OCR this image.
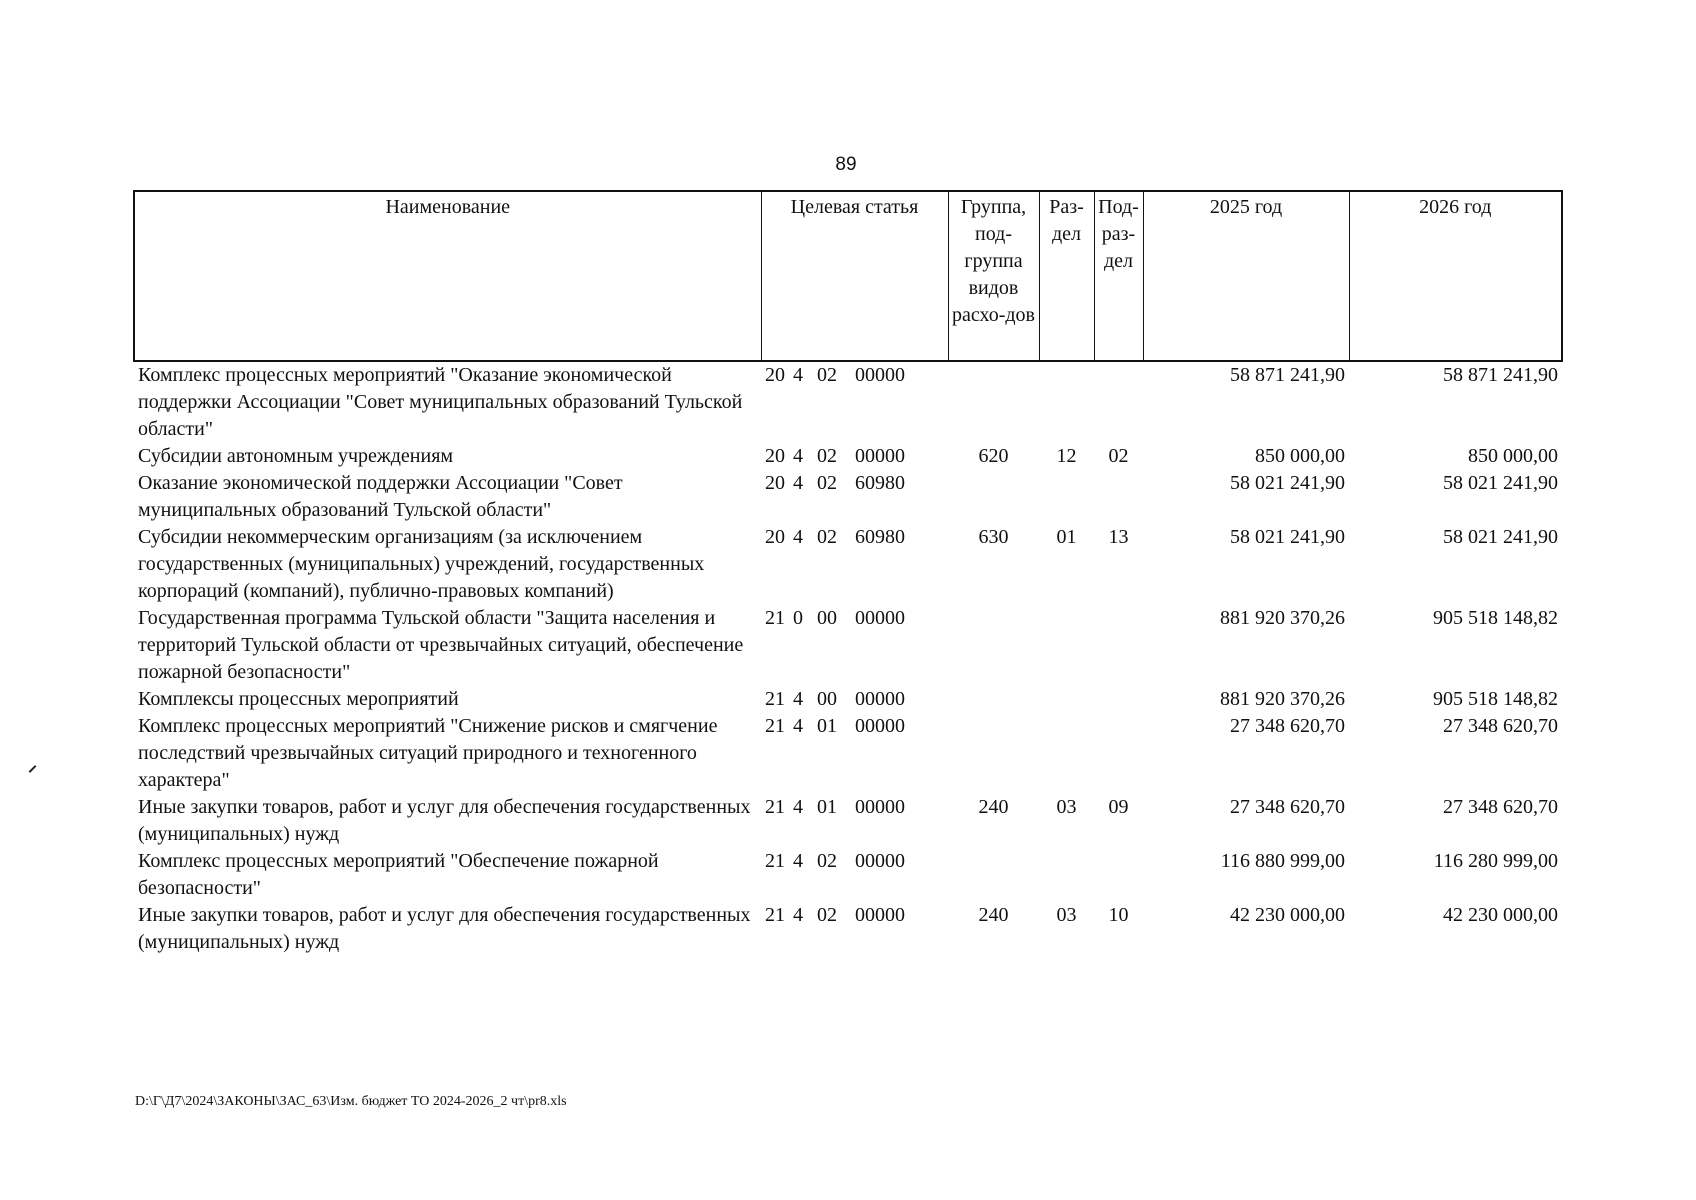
89
Наименование	Целевая статья	Группа, под-группа видов расхо-дов	Раз-дел	Под-раз-дел	2025 год	2026 год
Комплекс процессных мероприятий "Оказание экономической поддержки Ассоциации "Совет муниципальных образований Тульской области"	20 4 02 00000				58 871 241,90	58 871 241,90
Субсидии автономным учреждениям	20 4 02 00000	620	12	02	850 000,00	850 000,00
Оказание экономической поддержки Ассоциации "Совет муниципальных образований Тульской области"	20 4 02 60980				58 021 241,90	58 021 241,90
Субсидии некоммерческим организациям (за исключением государственных (муниципальных) учреждений, государственных корпораций (компаний), публично-правовых компаний)	20 4 02 60980	630	01	13	58 021 241,90	58 021 241,90
Государственная программа Тульской области "Защита населения и территорий Тульской области от чрезвычайных ситуаций, обеспечение пожарной безопасности"	21 0 00 00000				881 920 370,26	905 518 148,82
Комплексы процессных мероприятий	21 4 00 00000				881 920 370,26	905 518 148,82
Комплекс процессных мероприятий "Снижение рисков и смягчение последствий чрезвычайных ситуаций природного и техногенного характера"	21 4 01 00000				27 348 620,70	27 348 620,70
Иные закупки товаров, работ и услуг для обеспечения государственных (муниципальных) нужд	21 4 01 00000	240	03	09	27 348 620,70	27 348 620,70
Комплекс процессных мероприятий "Обеспечение пожарной безопасности"	21 4 02 00000				116 880 999,00	116 280 999,00
Иные закупки товаров, работ и услуг для обеспечения государственных (муниципальных) нужд	21 4 02 00000	240	03	10	42 230 000,00	42 230 000,00
D:\Г\Д7\2024\ЗАКОНЫ\ЗАС_63\Изм. бюджет ТО 2024-2026_2 чт\pr8.xls
